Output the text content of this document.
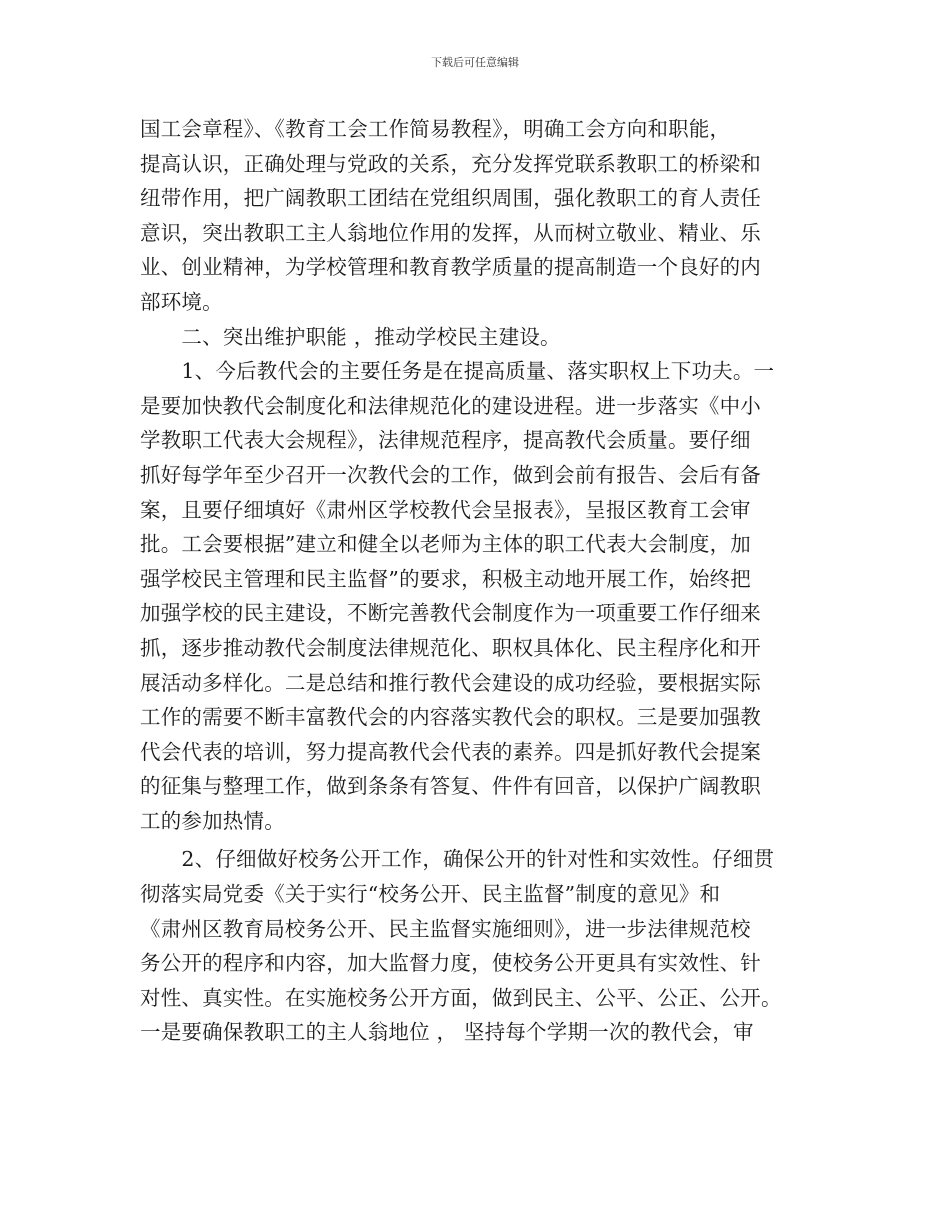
下载后可任意编辑
国工会章程》、《教育工会工作简易教程》，明确工会方向和职能，
提高认识，正确处理与党政的关系，充分发挥党联系教职工的桥梁和
纽带作用，把广阔教职工团结在党组织周围，强化教职工的育人责任
意识，突出教职工主人翁地位作用的发挥，从而树立敬业、精业、乐
业、创业精神，为学校管理和教育教学质量的提高制造一个良好的内
部环境。
　　二、突出维护职能 ，推动学校民主建设。
　　1、今后教代会的主要任务是在提高质量、落实职权上下功夫。一
是要加快教代会制度化和法律规范化的建设进程。进一步落实《中小
学教职工代表大会规程》，法律规范程序，提高教代会质量。要仔细
抓好每学年至少召开一次教代会的工作，做到会前有报告、会后有备
案，且要仔细填好《肃州区学校教代会呈报表》，呈报区教育工会审
批。工会要根据”建立和健全以老师为主体的职工代表大会制度，加
强学校民主管理和民主监督”的要求，积极主动地开展工作，始终把
加强学校的民主建设，不断完善教代会制度作为一项重要工作仔细来
抓，逐步推动教代会制度法律规范化、职权具体化、民主程序化和开
展活动多样化。二是总结和推行教代会建设的成功经验，要根据实际
工作的需要不断丰富教代会的内容落实教代会的职权。三是要加强教
代会代表的培训，努力提高教代会代表的素养。四是抓好教代会提案
的征集与整理工作，做到条条有答复、件件有回音，以保护广阔教职
工的参加热情。
　　2、仔细做好校务公开工作，确保公开的针对性和实效性。仔细贯
彻落实局党委《关于实行“校务公开、民主监督”制度的意见》和
《肃州区教育局校务公开、民主监督实施细则》，进一步法律规范校
务公开的程序和内容，加大监督力度，使校务公开更具有实效性、针
对性、真实性。在实施校务公开方面，做到民主、公平、公正、公开。
一是要确保教职工的主人翁地位 ， 坚持每个学期一次的教代会，审
